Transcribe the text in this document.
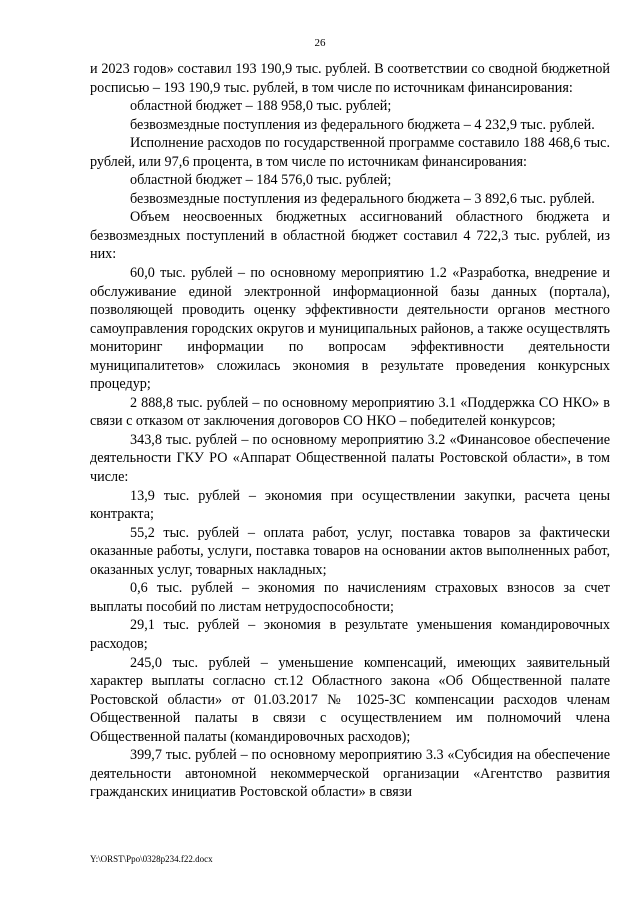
26

и 2023 годов» составил 193 190,9 тыс. рублей. В соответствии со сводной бюджетной росписью – 193 190,9 тыс. рублей, в том числе по источникам финансирования:

областной бюджет – 188 958,0 тыс. рублей;

безвозмездные поступления из федерального бюджета – 4 232,9 тыс. рублей.

Исполнение расходов по государственной программе составило 188 468,6 тыс. рублей, или 97,6 процента, в том числе по источникам финансирования:

областной бюджет – 184 576,0 тыс. рублей;

безвозмездные поступления из федерального бюджета – 3 892,6 тыс. рублей.

Объем неосвоенных бюджетных ассигнований областного бюджета и безвозмездных поступлений в областной бюджет составил 4 722,3 тыс. рублей, из них:

60,0 тыс. рублей – по основному мероприятию 1.2 «Разработка, внедрение и обслуживание единой электронной информационной базы данных (портала), позволяющей проводить оценку эффективности деятельности органов местного самоуправления городских округов и муниципальных районов, а также осуществлять мониторинг информации по вопросам эффективности деятельности муниципалитетов» сложилась экономия в результате проведения конкурсных процедур;

2 888,8 тыс. рублей – по основному мероприятию 3.1 «Поддержка СО НКО» в связи с отказом от заключения договоров СО НКО – победителей конкурсов;

343,8 тыс. рублей – по основному мероприятию 3.2 «Финансовое обеспечение деятельности ГКУ РО «Аппарат Общественной палаты Ростовской области», в том числе:

13,9 тыс. рублей – экономия при осуществлении закупки, расчета цены контракта;

55,2 тыс. рублей – оплата работ, услуг, поставка товаров за фактически оказанные работы, услуги, поставка товаров на основании актов выполненных работ, оказанных услуг, товарных накладных;

0,6 тыс. рублей – экономия по начислениям страховых взносов за счет выплаты пособий по листам нетрудоспособности;

29,1 тыс. рублей – экономия в результате уменьшения командировочных расходов;

245,0 тыс. рублей – уменьшение компенсаций, имеющих заявительный характер выплаты согласно ст.12 Областного закона «Об Общественной палате Ростовской области» от 01.03.2017 № 1025-ЗС компенсации расходов членам Общественной палаты в связи с осуществлением им полномочий члена Общественной палаты (командировочных расходов);

399,7 тыс. рублей – по основному мероприятию 3.3 «Субсидия на обеспечение деятельности автономной некоммерческой организации «Агентство развития гражданских инициатив Ростовской области» в связи

Y:\ORST\Ppo\0328p234.f22.docx
